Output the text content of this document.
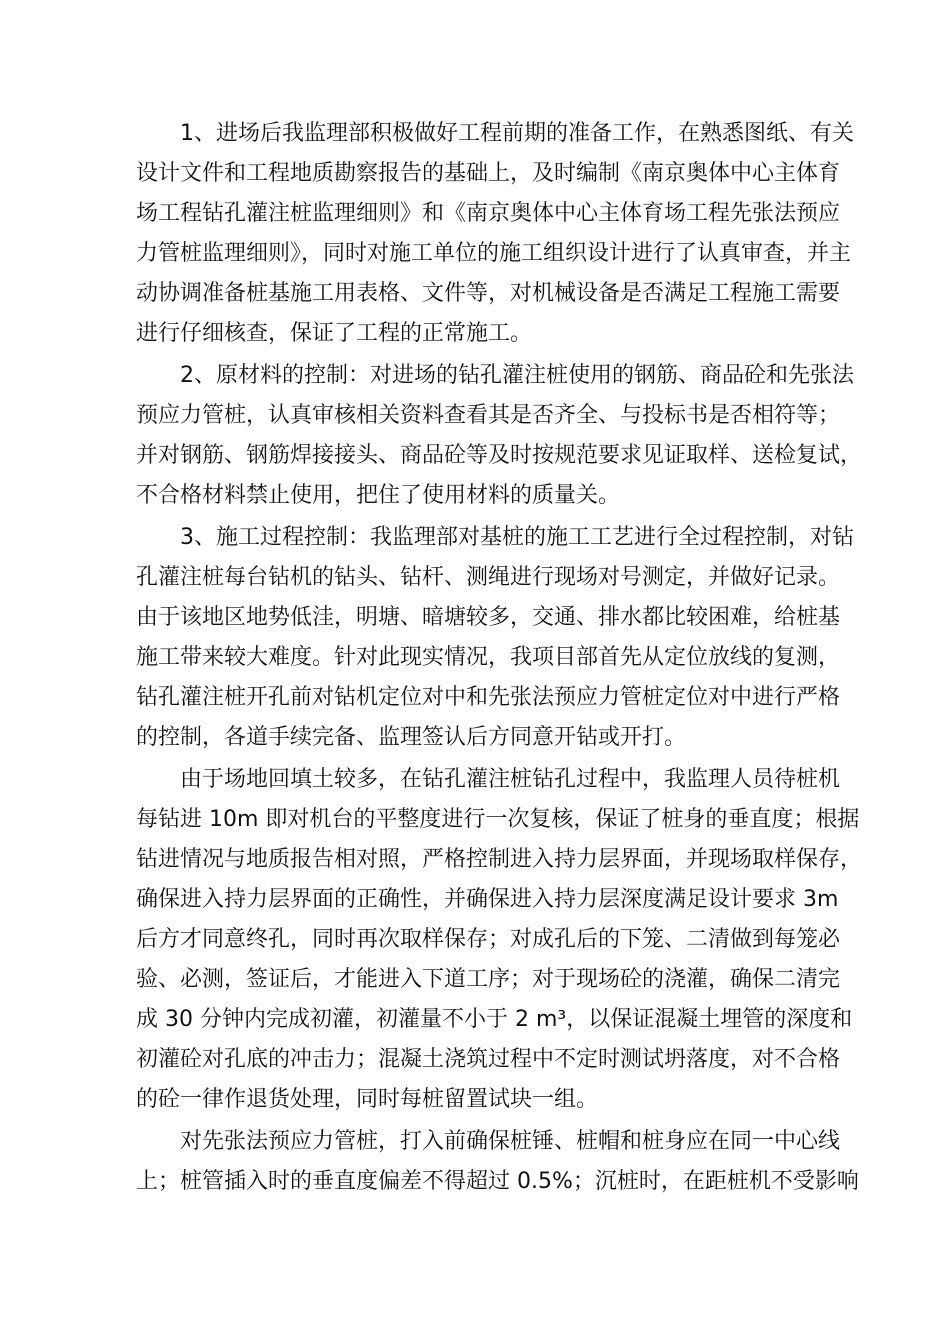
1、进场后我监理部积极做好工程前期的准备工作，在熟悉图纸、有关
设计文件和工程地质勘察报告的基础上，及时编制《南京奥体中心主体育
场工程钻孔灌注桩监理细则》和《南京奥体中心主体育场工程先张法预应
力管桩监理细则》，同时对施工单位的施工组织设计进行了认真审查，并主
动协调准备桩基施工用表格、文件等，对机械设备是否满足工程施工需要
进行仔细核查，保证了工程的正常施工。
2、原材料的控制：对进场的钻孔灌注桩使用的钢筋、商品砼和先张法
预应力管桩，认真审核相关资料查看其是否齐全、与投标书是否相符等；
并对钢筋、钢筋焊接接头、商品砼等及时按规范要求见证取样、送检复试，
不合格材料禁止使用，把住了使用材料的质量关。
3、施工过程控制：我监理部对基桩的施工工艺进行全过程控制，对钻
孔灌注桩每台钻机的钻头、钻杆、测绳进行现场对号测定，并做好记录。
由于该地区地势低洼，明塘、暗塘较多，交通、排水都比较困难，给桩基
施工带来较大难度。针对此现实情况，我项目部首先从定位放线的复测，
钻孔灌注桩开孔前对钻机定位对中和先张法预应力管桩定位对中进行严格
的控制，各道手续完备、监理签认后方同意开钻或开打。
由于场地回填土较多，在钻孔灌注桩钻孔过程中，我监理人员待桩机
每钻进 10m 即对机台的平整度进行一次复核，保证了桩身的垂直度；根据
钻进情况与地质报告相对照，严格控制进入持力层界面，并现场取样保存，
确保进入持力层界面的正确性，并确保进入持力层深度满足设计要求 3m
后方才同意终孔，同时再次取样保存；对成孔后的下笼、二清做到每笼必
验、必测，签证后，才能进入下道工序；对于现场砼的浇灌，确保二清完
成 30 分钟内完成初灌，初灌量不小于 2 m³，以保证混凝土埋管的深度和
初灌砼对孔底的冲击力；混凝土浇筑过程中不定时测试坍落度，对不合格
的砼一律作退货处理，同时每桩留置试块一组。
对先张法预应力管桩，打入前确保桩锤、桩帽和桩身应在同一中心线
上；桩管插入时的垂直度偏差不得超过 0.5%；沉桩时，在距桩机不受影响
